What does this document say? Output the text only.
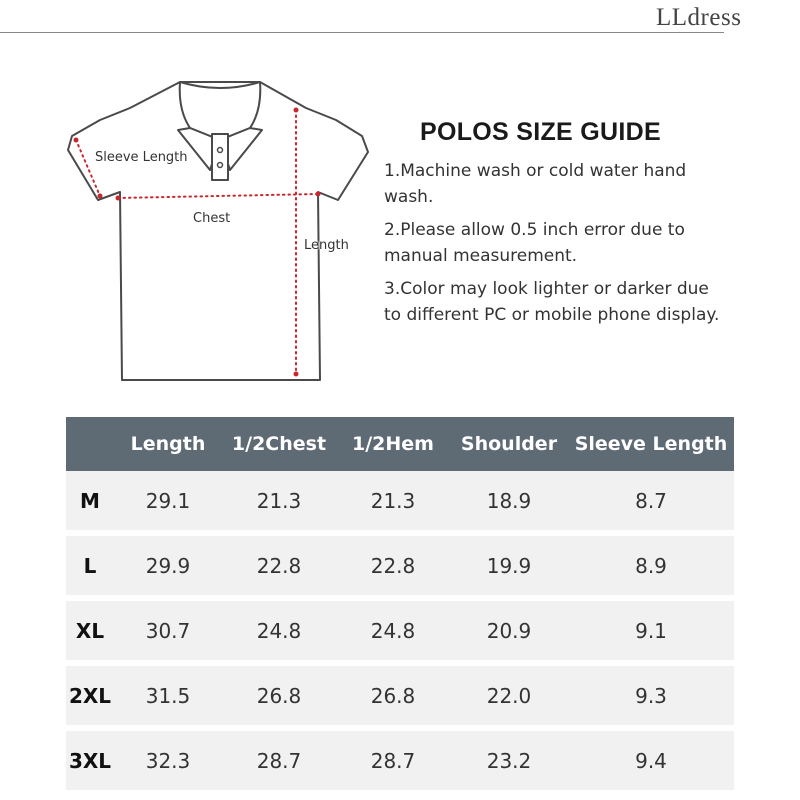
LLdress
Sleeve Length
Chest
Length
POLOS SIZE GUIDE
1.Machine wash or cold water hand wash.
2.Please allow 0.5 inch error due to manual measurement.
3.Color may look lighter or darker due to different PC or mobile phone display.
	Length	1/2Chest	1/2Hem	Shoulder	Sleeve Length
M	29.1	21.3	21.3	18.9	8.7
L	29.9	22.8	22.8	19.9	8.9
XL	30.7	24.8	24.8	20.9	9.1
2XL	31.5	26.8	26.8	22.0	9.3
3XL	32.3	28.7	28.7	23.2	9.4
